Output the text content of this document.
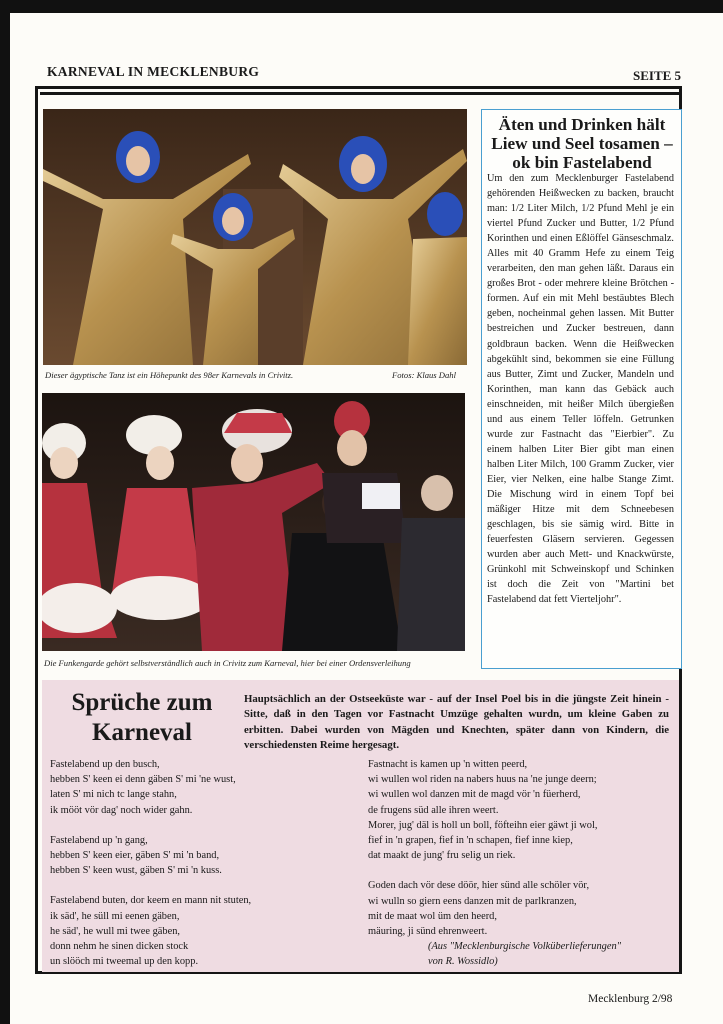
KARNEVAL IN MECKLENBURG	SEITE 5
Dieser ägyptische Tanz ist ein Höhepunkt des 98er Karnevals in Crivitz.	Fotos: Klaus Dahl
Die Funkengarde gehört selbstverständlich auch in Crivitz zum Karneval, hier bei einer Ordensverleihung
Äten und Drinken hält Liew und Seel tosamen – ok bin Fastelabend
Um den zum Mecklenburger Fastelabend gehörenden Heißwecken zu backen, braucht man: 1/2 Liter Milch, 1/2 Pfund Mehl je ein viertel Pfund Zucker und Butter, 1/2 Pfund Korinthen und einen Eßlöffel Gänseschmalz. Alles mit 40 Gramm Hefe zu einem Teig verarbeiten, den man gehen läßt. Daraus ein großes Brot - oder mehrere kleine Brötchen - formen. Auf ein mit Mehl bestäubtes Blech geben, nocheinmal gehen lassen. Mit Butter bestreichen und Zucker bestreuen, dann goldbraun backen. Wenn die Heißwecken abgekühlt sind, bekommen sie eine Füllung aus Butter, Zimt und Zucker, Mandeln und Korinthen, man kann das Gebäck auch einschneiden, mit heißer Milch übergießen und aus einem Teller löffeln. Getrunken wurde zur Fastnacht das "Eierbier". Zu einem halben Liter Bier gibt man einen halben Liter Milch, 100 Gramm Zucker, vier Eier, vier Nelken, eine halbe Stange Zimt. Die Mischung wird in einem Topf bei mäßiger Hitze mit dem Schneebesen geschlagen, bis sie sämig wird. Bitte in feuerfesten Gläsern servieren. Gegessen wurden aber auch Mett- und Knackwürste, Grünkohl mit Schweinskopf und Schinken ist doch die Zeit von "Martini bet Fastelabend dat fett Vierteljohr".
Sprüche zum Karneval
Hauptsächlich an der Ostseeküste war - auf der Insel Poel bis in die jüngste Zeit hinein - Sitte, daß in den Tagen vor Fastnacht Umzüge gehalten wurdn, um kleine Gaben zu erbitten. Dabei wurden von Mägden und Knechten, später dann von Kindern, die verschiedensten Reime hergesagt.

Fastelabend up den busch,
hebben S' keen ei denn gäben S' mi 'ne wust,
laten S' mi nich tc lange stahn,
ik mööt vör dag' noch wider gahn.

Fastelabend up 'n gang,
hebben S' keen eier, gäben S' mi 'n band,
hebben S' keen wust, gäben S' mi 'n kuss.

Fastelabend buten, dor keem en mann nit stuten,
ik säd', he süll mi eenen gäben,
he säd', he wull mi twee gäben,
donn nehm he sinen dicken stock
un slööch mi tweemal up den kopp.

Fastnacht is kamen up 'n witten peerd,
wi wullen wol riden na nabers huus na 'ne junge deern;
wi wullen wol danzen mit de magd vör 'n füerherd,
de frugens süd alle ihren weert.
Morer, jug' däl is holl un boll, föfteihn eier gäwt ji wol,
fief in 'n grapen, fief in 'n schapen, fief inne kiep,
dat maakt de jung' fru selig un riek.

Goden dach vör dese döör, hier sünd alle schöler vör,
wi wulln so giern eens danzen mit de parlkranzen,
mit de maat wol üm den heerd,
mäuring, ji sünd ehrenweert.
(Aus "Mecklenburgische Volküberlieferungen"
von R. Wossidlo)

Mecklenburg 2/98
